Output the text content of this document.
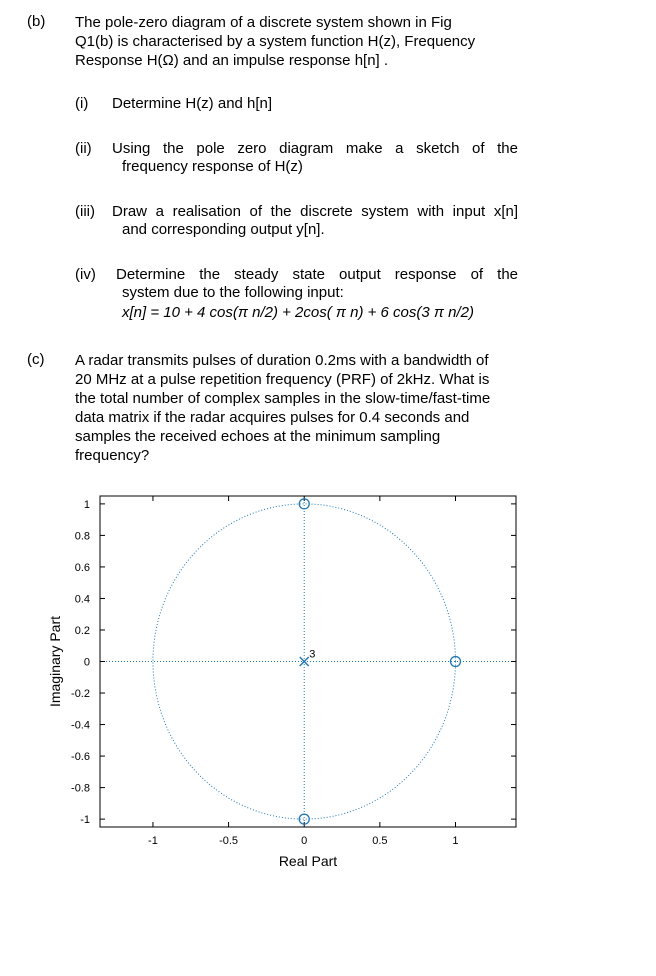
(b) The pole-zero diagram of a discrete system shown in Fig
Q1(b) is characterised by a system function H(z), Frequency
Response H(Ω) and an impulse response h[n] .
(i) Determine H(z) and h[n]
(ii) Using the pole zero diagram make a sketch of the
frequency response of H(z)
(iii) Draw a realisation of the discrete system with input x[n]
and corresponding output y[n].
(iv) Determine the steady state output response of the
system due to the following input:
x[n] = 10 + 4 cos(π n/2) + 2cos( π n) + 6 cos(3 π n/2)
(c) A radar transmits pulses of duration 0.2ms with a bandwidth of
20 MHz at a pulse repetition frequency (PRF) of 2kHz. What is
the total number of complex samples in the slow-time/fast-time
data matrix if the radar acquires pulses for 0.4 seconds and
samples the received echoes at the minimum sampling
frequency?
-1	-0.5	0	0.5	1
1
0.8
0.6
0.4
0.2
0
-0.2
-0.4
-0.6
-0.8
-1
Real Part
Imaginary Part	3
